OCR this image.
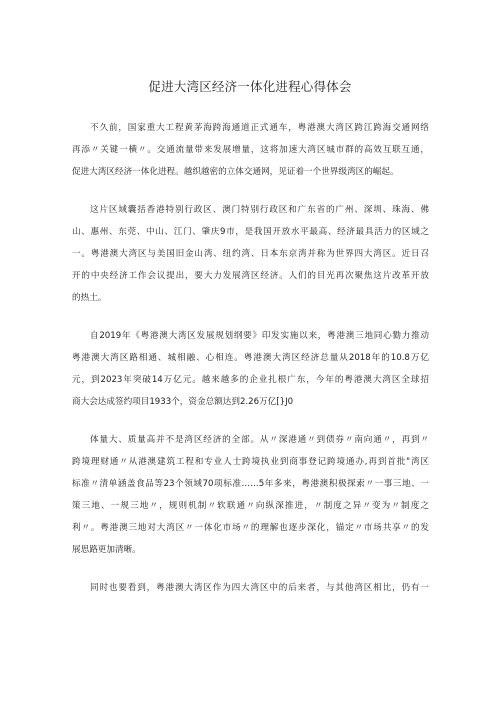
促进大湾区经济一体化进程心得体会
不久前，国家重大工程黄茅海跨海通道正式通车，粤港澳大湾区跨江跨海交通网络
再添〃关键一横〃。交通流量带来发展增量，这将加速大湾区城市群的高效互联互通，
促进大湾区经济一体化进程。越织越密的立体交通网，见证着一个世界级湾区的崛起。
这片区域囊括香港特别行政区、澳门特别行政区和广东省的广州、深圳、珠海、佛
山、惠州、东莞、中山、江门、肇庆9市，是我国开放水平最高、经济最具活力的区域之
一。粤港澳大湾区与美国旧金山湾、纽约湾、日本东京湾并称为世界四大湾区。近日召
开的中央经济工作会议提出，要大力发展湾区经济。人们的目光再次聚焦这片改革开放
的热土。
自2019年《粤港澳大湾区发展规划纲要》印发实施以来，粤港澳三地同心勠力推动
粤港澳大湾区路相通、城相融、心相连。粤港澳大湾区经济总量从2018年的10.8万亿
元，到2023年突破14万亿元。越来越多的企业扎根广东，今年的粤港澳大湾区全球招
商大会达成签约项目1933个，资金总额达到2.26万亿[}J0
体量大、质量高并不是湾区经济的全部。从〃深港通〃到债券〃南向通〃，再到〃
跨境理财通〃从港澳建筑工程和专业人士跨境执业到商事登记跨境通办,再到首批"湾区
标准〃清单涵盖食品等23个领域70项标准……5年多来，粤港澳积极探索〃一事三地、一
策三地、一规三地〃，规则机制〃软联通〃向纵深推进，〃制度之异〃变为〃制度之
利〃。粤港澳三地对大湾区〃一体化市场〃的理解也逐步深化，锚定〃市场共享〃的发
展思路更加清晰。
同时也要看到，粤港澳大湾区作为四大湾区中的后来者，与其他湾区相比，仍有一
